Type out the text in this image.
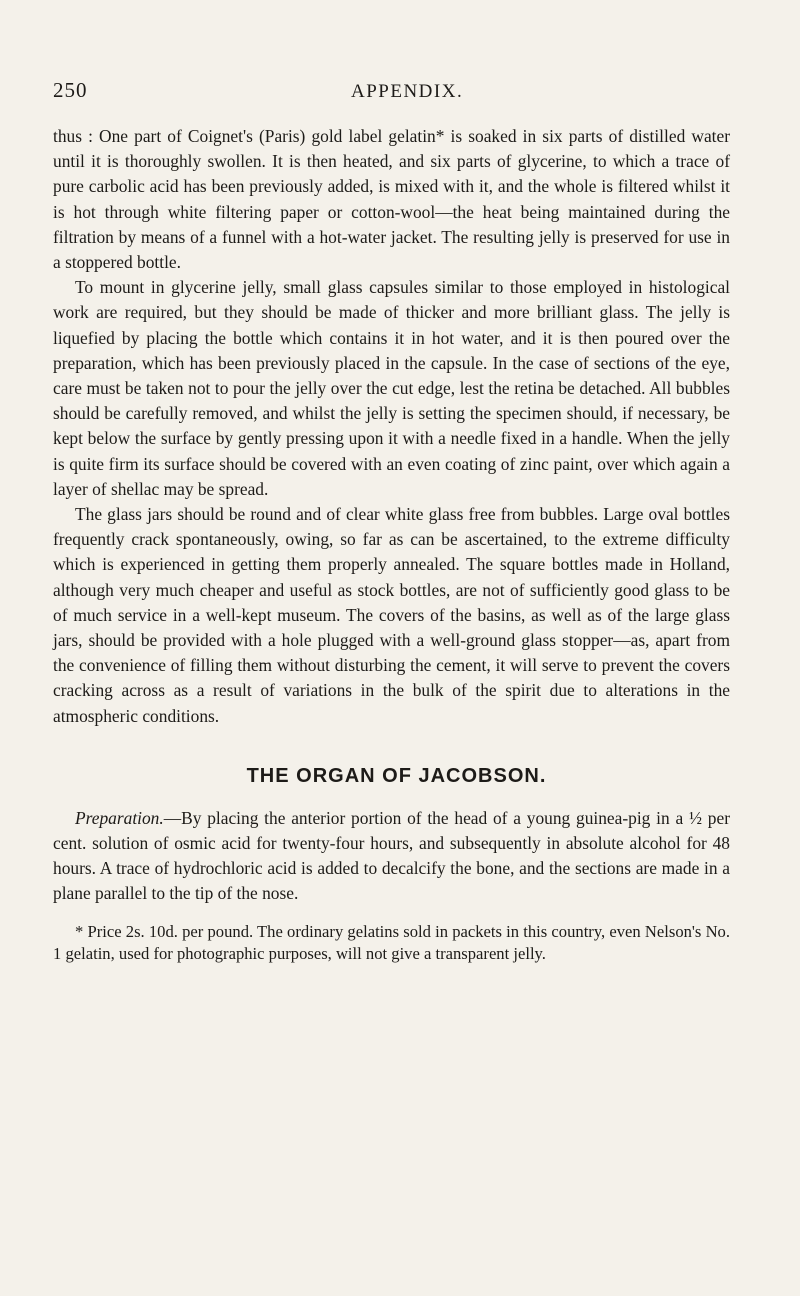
250	APPENDIX.

thus : One part of Coignet's (Paris) gold label gelatin* is soaked in six parts of distilled water until it is thoroughly swollen. It is then heated, and six parts of glycerine, to which a trace of pure carbolic acid has been previously added, is mixed with it, and the whole is filtered whilst it is hot through white filtering paper or cotton-wool—the heat being maintained during the filtration by means of a funnel with a hot-water jacket. The resulting jelly is preserved for use in a stoppered bottle.

To mount in glycerine jelly, small glass capsules similar to those employed in histological work are required, but they should be made of thicker and more brilliant glass. The jelly is liquefied by placing the bottle which contains it in hot water, and it is then poured over the preparation, which has been previously placed in the capsule. In the case of sections of the eye, care must be taken not to pour the jelly over the cut edge, lest the retina be detached. All bubbles should be carefully removed, and whilst the jelly is setting the specimen should, if necessary, be kept below the surface by gently pressing upon it with a needle fixed in a handle. When the jelly is quite firm its surface should be covered with an even coating of zinc paint, over which again a layer of shellac may be spread.

The glass jars should be round and of clear white glass free from bubbles. Large oval bottles frequently crack spontaneously, owing, so far as can be ascertained, to the extreme difficulty which is experienced in getting them properly annealed. The square bottles made in Holland, although very much cheaper and useful as stock bottles, are not of sufficiently good glass to be of much service in a well-kept museum. The covers of the basins, as well as of the large glass jars, should be provided with a hole plugged with a well-ground glass stopper—as, apart from the convenience of filling them without disturbing the cement, it will serve to prevent the covers cracking across as a result of variations in the bulk of the spirit due to alterations in the atmospheric conditions.

THE ORGAN OF JACOBSON.

Preparation.—By placing the anterior portion of the head of a young guinea-pig in a ½ per cent. solution of osmic acid for twenty-four hours, and subsequently in absolute alcohol for 48 hours. A trace of hydrochloric acid is added to decalcify the bone, and the sections are made in a plane parallel to the tip of the nose.

* Price 2s. 10d. per pound. The ordinary gelatins sold in packets in this country, even Nelson's No. 1 gelatin, used for photographic purposes, will not give a transparent jelly.
